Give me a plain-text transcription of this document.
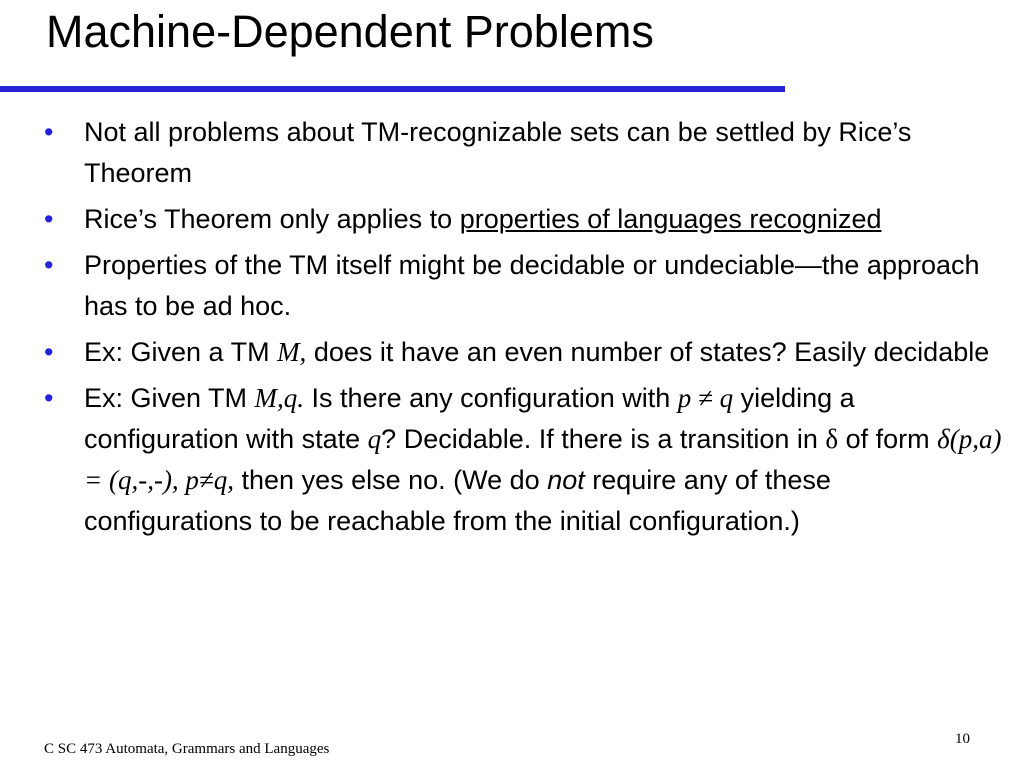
Machine-Dependent Problems
• Not all problems about TM-recognizable sets can be settled by Rice’s Theorem
• Rice’s Theorem only applies to properties of languages recognized
• Properties of the TM itself might be decidable or undeciable—the approach has to be ad hoc.
• Ex: Given a TM M, does it have an even number of states? Easily decidable
• Ex: Given TM M,q. Is there any configuration with p ≠ q yielding a configuration with state q? Decidable. If there is a transition in δ of form δ(p,a) = (q,-,-), p≠q, then yes else no. (We do not require any of these configurations to be reachable from the initial configuration.)
C SC 473 Automata, Grammars and Languages
10
